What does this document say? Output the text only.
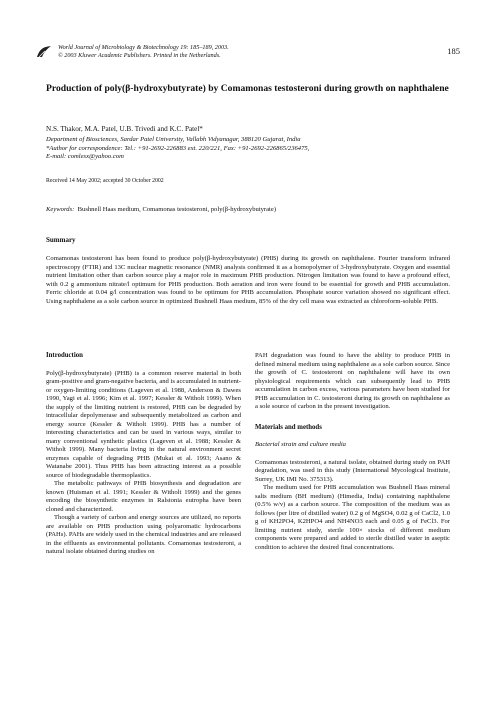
World Journal of Microbiology & Biotechnology 19: 185–189, 2003.
© 2003 Kluwer Academic Publishers. Printed in the Netherlands.	185
Production of poly(β-hydroxybutyrate) by Comamonas testosteroni during growth on naphthalene
N.S. Thakor, M.A. Patel, U.B. Trivedi and K.C. Patel*
Department of Biosciences, Sardar Patel University, Vallabh Vidyanagar, 388120 Gujarat, India
*Author for correspondence: Tel.: +91-2692-226883 ext. 220/221, Fax: +91-2692-226865/236475,
E-mail: comlesx@yahoo.com
Received 14 May 2002; accepted 30 October 2002
Keywords: Bushnell Haas medium, Comamonas testosteroni, poly(β-hydroxybutyrate)
Summary
Comamonas testosteroni has been found to produce poly(β-hydroxybutyrate) (PHB) during its growth on naphthalene. Fourier transform infrared spectroscopy (FTIR) and 13C nuclear magnetic resonance (NMR) analysis confirmed it as a homopolymer of 3-hydroxybutyrate. Oxygen and essential nutrient limitation other than carbon source play a major role in maximum PHB production. Nitrogen limitation was found to have a profound effect, with 0.2 g ammonium nitrate/l optimum for PHB production. Both aeration and iron were found to be essential for growth and PHB accumulation. Ferric chloride at 0.04 g/l concentration was found to be optimum for PHB accumulation. Phosphate source variation showed no significant effect. Using naphthalene as a sole carbon source in optimized Bushnell Haas medium, 85% of the dry cell mass was extracted as chloroform-soluble PHB.
Introduction

Poly(β-hydroxybutyrate) (PHB) is a common reserve material in both gram-positive and gram-negative bacteria, and is accumulated in nutrient- or oxygen-limiting conditions (Lageven et al. 1988, Anderson & Dawes 1990, Yagi et al. 1996; Kim et al. 1997; Kessler & Witholt 1999). When the supply of the limiting nutrient is restored, PHB can be degraded by intracellular depolymerase and subsequently metabolized as carbon and energy source (Kessler & Witholt 1999). PHB has a number of interesting characteristics and can be used in various ways, similar to many conventional synthetic plastics (Lageven et al. 1988; Kessler & Witholt 1999). Many bacteria living in the natural environment secret enzymes capable of degrading PHB (Mukai et al. 1993; Asano & Watanabe 2001). Thus PHB has been attracting interest as a possible source of biodegradable thermoplastics.

The metabolic pathways of PHB biosynthesis and degradation are known (Huisman et al. 1991; Kessler & Witholt 1999) and the genes encoding the biosynthetic enzymes in Ralstonia eutropha have been cloned and characterized.

Though a variety of carbon and energy sources are utilized, no reports are available on PHB production using polyaromatic hydrocarbons (PAHs). PAHs are widely used in the chemical industries and are released in the effluents as environmental pollutants. Comamonas testosteroni, a natural isolate obtained during studies on

PAH degradation was found to have the ability to produce PHB in defined mineral medium using naphthalene as a sole carbon source. Since the growth of C. testosteroni on naphthalene will have its own physiological requirements which can subsequently lead to PHB accumulation in carbon excess, various parameters have been studied for PHB accumulation in C. testosteroni during its growth on naphthalene as a sole source of carbon in the present investigation.

Materials and methods
Bacterial strain and culture media

Comamonas testosteroni, a natural isolate, obtained during study on PAH degradation, was used in this study (International Mycological Institute, Surrey, UK IMI No. 375313).

The medium used for PHB accumulation was Bushnell Haas mineral salts medium (BH medium) (Himedia, India) containing naphthalene (0.5% w/v) as a carbon source. The composition of the medium was as follows (per litre of distilled water) 0.2 g of MgSO4, 0.02 g of CaCl2, 1.0 g of KH2PO4, K2HPO4 and NH4NO3 each and 0.05 g of FeCl3. For limiting nutrient study, sterile 100× stocks of different medium components were prepared and added to sterile distilled water in aseptic condition to achieve the desired final concentrations.
